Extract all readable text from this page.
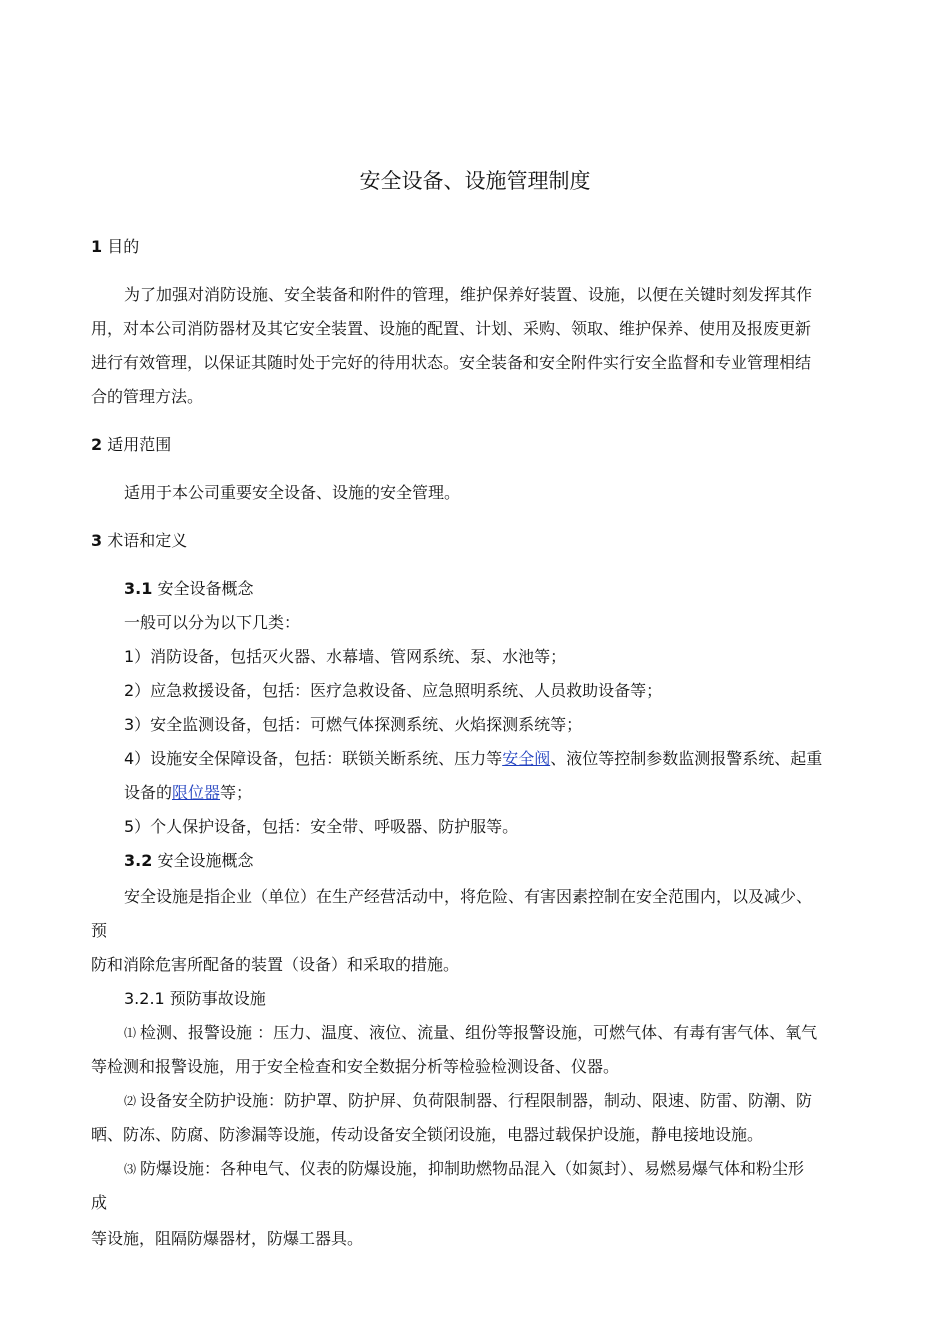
安全设备、设施管理制度
1 目的
为了加强对消防设施、安全装备和附件的管理，维护保养好装置、设施，以便在关键时刻发挥其作
用，对本公司消防器材及其它安全装置、设施的配置、计划、采购、领取、维护保养、使用及报废更新
进行有效管理，以保证其随时处于完好的待用状态。安全装备和安全附件实行安全监督和专业管理相结
合的管理方法。
2 适用范围
适用于本公司重要安全设备、设施的安全管理。
3 术语和定义
3.1 安全设备概念
一般可以分为以下几类：
1）消防设备，包括灭火器、水幕墙、管网系统、泵、水池等；
2）应急救援设备，包括：医疗急救设备、应急照明系统、人员救助设备等；
3）安全监测设备，包括：可燃气体探测系统、火焰探测系统等；
4）设施安全保障设备，包括：联锁关断系统、压力等安全阀、液位等控制参数监测报警系统、起重
设备的限位器等；
5）个人保护设备，包括：安全带、呼吸器、防护服等。
3.2 安全设施概念
安全设施是指企业（单位）在生产经营活动中，将危险、有害因素控制在安全范围内，以及减少、
预
防和消除危害所配备的装置（设备）和采取的措施。
3.2.1 预防事故设施
⑴ 检测、报警设施 ：压力、温度、液位、流量、组份等报警设施，可燃气体、有毒有害气体、氧气
等检测和报警设施，用于安全检查和安全数据分析等检验检测设备、仪器。
⑵ 设备安全防护设施：防护罩、防护屏、负荷限制器、行程限制器，制动、限速、防雷、防潮、防
晒、防冻、防腐、防渗漏等设施，传动设备安全锁闭设施，电器过载保护设施，静电接地设施。
⑶ 防爆设施：各种电气、仪表的防爆设施，抑制助燃物品混入（如氮封）、易燃易爆气体和粉尘形
成
等设施，阻隔防爆器材，防爆工器具。
